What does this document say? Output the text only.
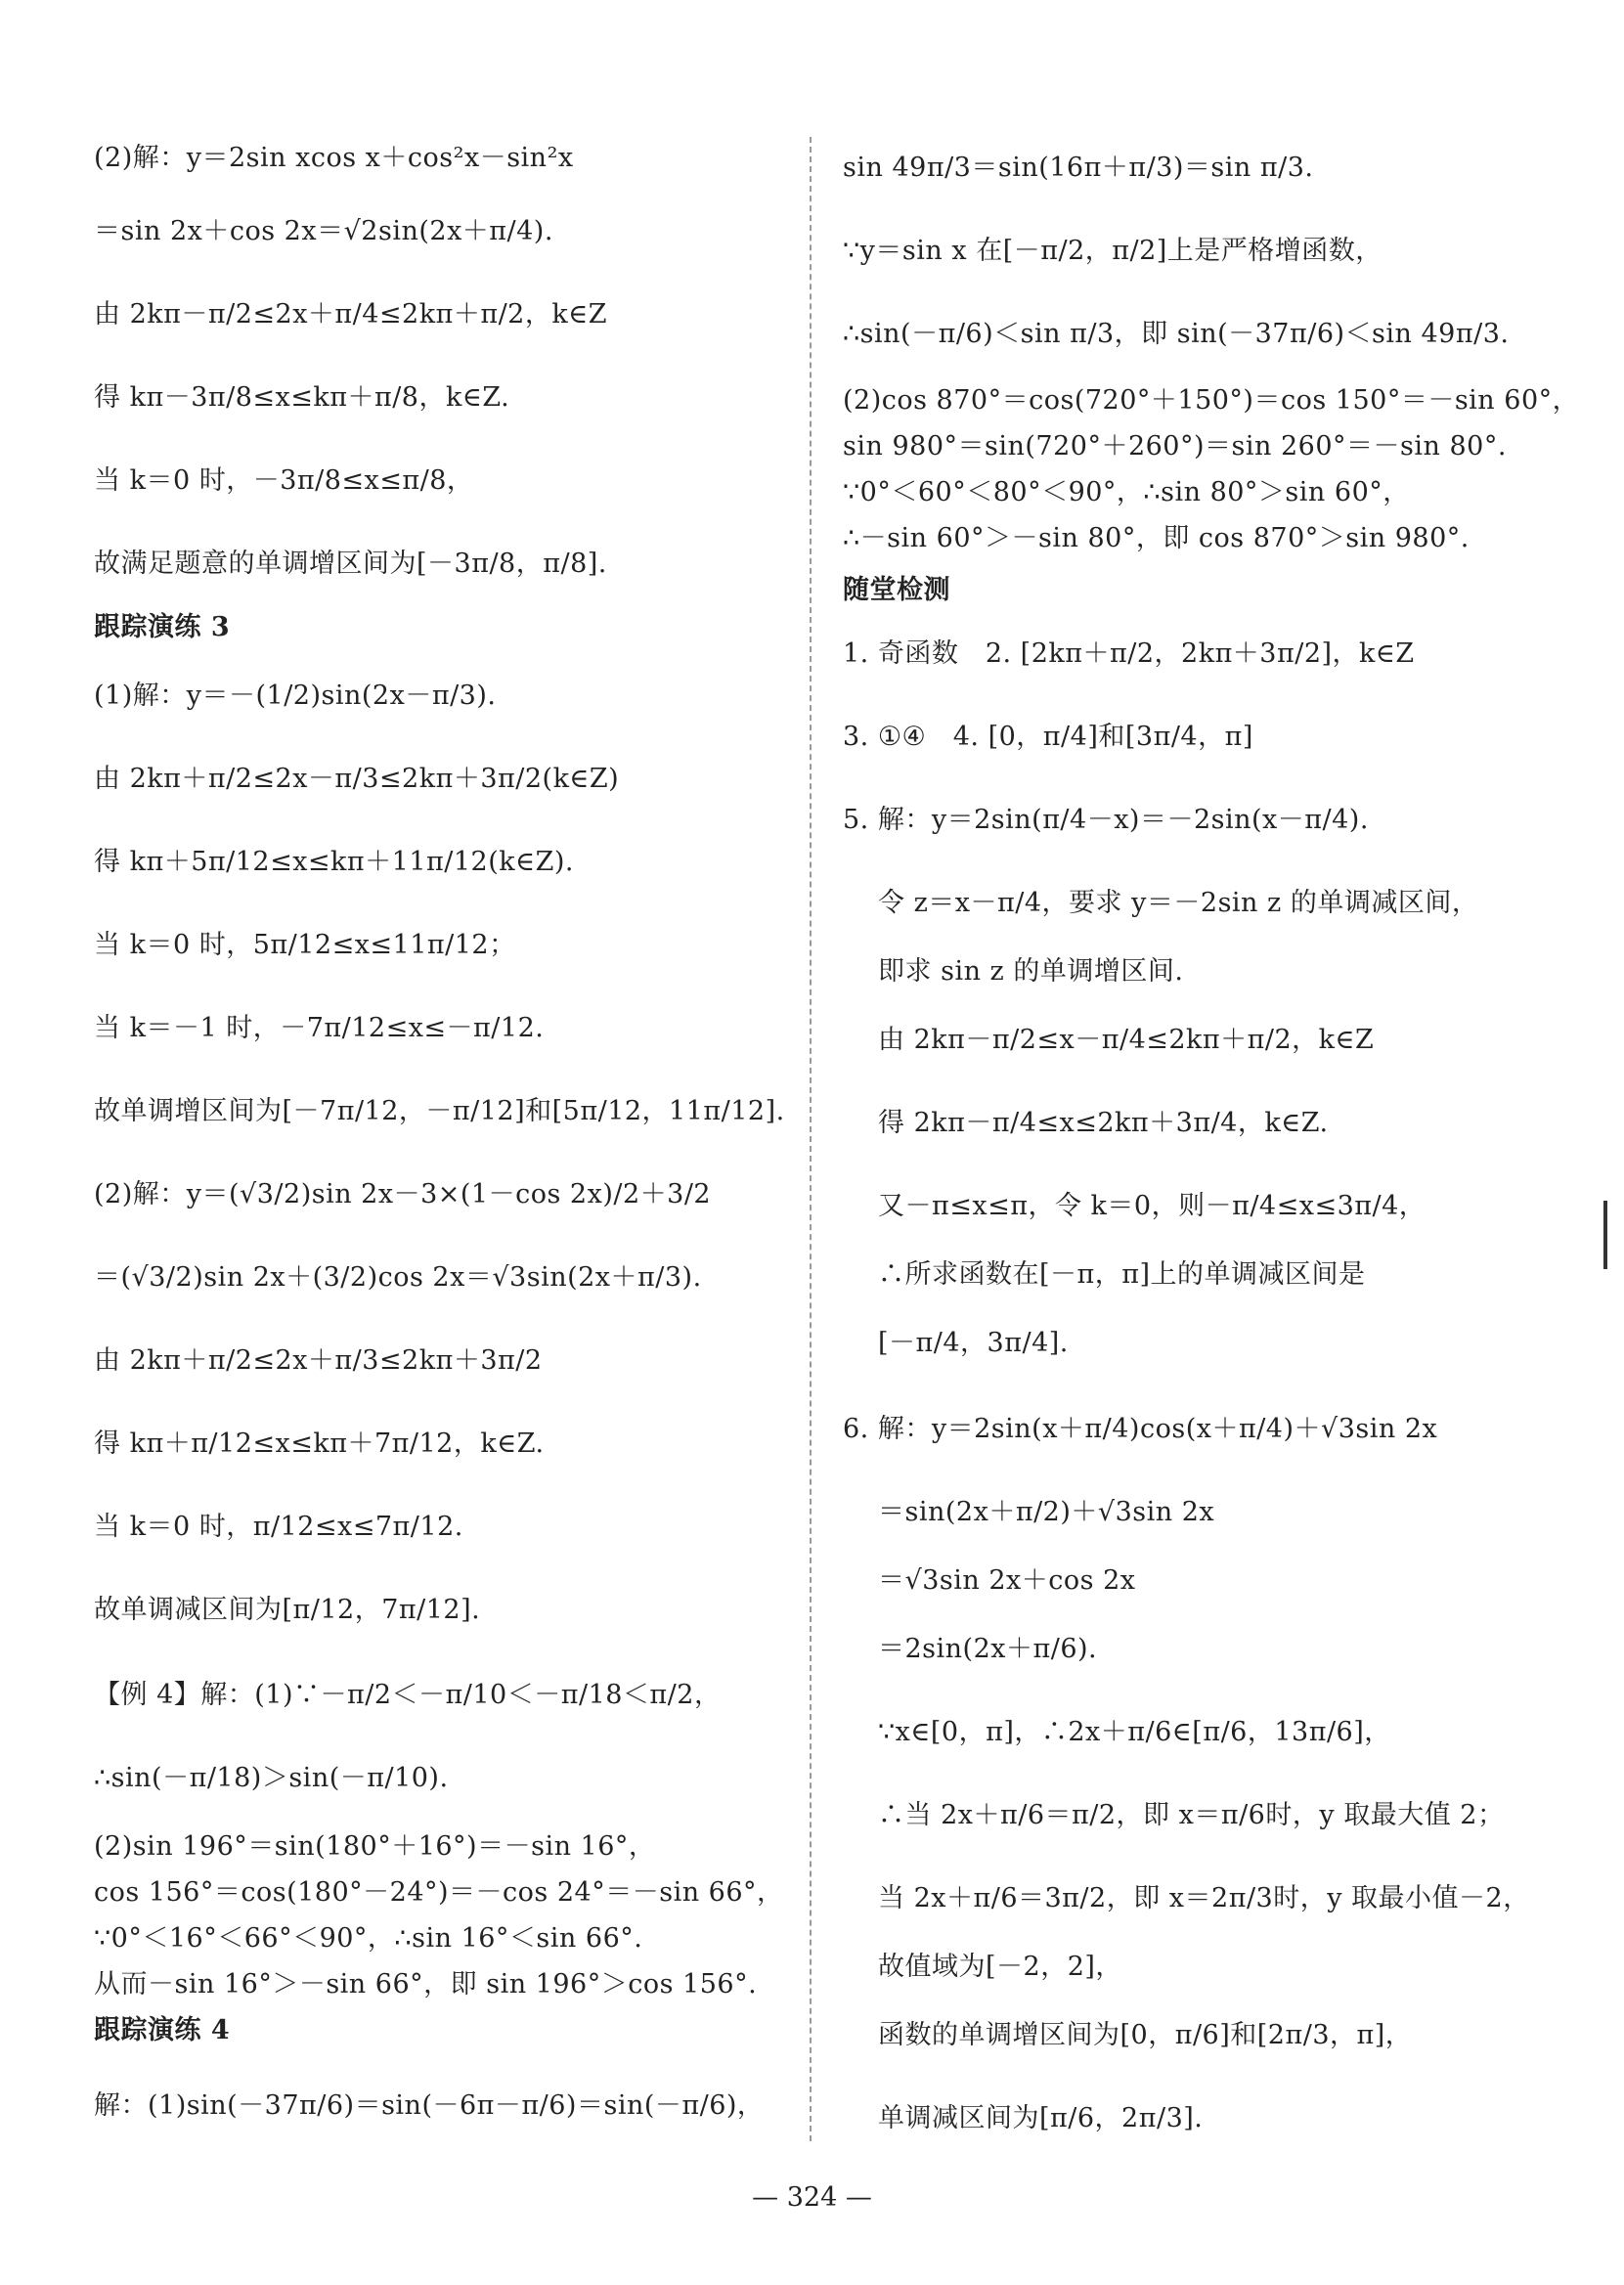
(2)解：y＝2sin xcos x＋cos²x－sin²x
＝sin 2x＋cos 2x＝√2sin(2x＋π/4).
由 2kπ－π/2≤2x＋π/4≤2kπ＋π/2，k∈Z
得 kπ－3π/8≤x≤kπ＋π/8，k∈Z.
当 k＝0 时，－3π/8≤x≤π/8，
故满足题意的单调增区间为[－3π/8，π/8].
跟踪演练 3
(1)解：y＝－(1/2)sin(2x－π/3).
由 2kπ＋π/2≤2x－π/3≤2kπ＋3π/2(k∈Z)
得 kπ＋5π/12≤x≤kπ＋11π/12(k∈Z).
当 k＝0 时，5π/12≤x≤11π/12；
当 k＝－1 时，－7π/12≤x≤－π/12.
故单调增区间为[－7π/12，－π/12]和[5π/12，11π/12].
(2)解：y＝(√3/2)sin 2x－3×(1－cos 2x)/2＋3/2
＝(√3/2)sin 2x＋(3/2)cos 2x＝√3sin(2x＋π/3).
由 2kπ＋π/2≤2x＋π/3≤2kπ＋3π/2
得 kπ＋π/12≤x≤kπ＋7π/12，k∈Z.
当 k＝0 时，π/12≤x≤7π/12.
故单调减区间为[π/12，7π/12].
【例 4】解：(1)∵－π/2＜－π/10＜－π/18＜π/2，
∴sin(－π/18)＞sin(－π/10).
(2)sin 196°＝sin(180°＋16°)＝－sin 16°，
cos 156°＝cos(180°－24°)＝－cos 24°＝－sin 66°，
∵0°＜16°＜66°＜90°，∴sin 16°＜sin 66°.
从而－sin 16°＞－sin 66°，即 sin 196°＞cos 156°.
跟踪演练 4
解：(1)sin(－37π/6)＝sin(－6π－π/6)＝sin(－π/6)，
sin 49π/3＝sin(16π＋π/3)＝sin π/3.
∵y＝sin x 在[－π/2，π/2]上是严格增函数，
∴sin(－π/6)＜sin π/3，即 sin(－37π/6)＜sin 49π/3.
(2)cos 870°＝cos(720°＋150°)＝cos 150°＝－sin 60°，
sin 980°＝sin(720°＋260°)＝sin 260°＝－sin 80°.
∵0°＜60°＜80°＜90°，∴sin 80°＞sin 60°，
∴－sin 60°＞－sin 80°，即 cos 870°＞sin 980°.
随堂检测
1. 奇函数　2. [2kπ＋π/2，2kπ＋3π/2]，k∈Z
3. ①④　4. [0，π/4]和[3π/4，π]
5. 解：y＝2sin(π/4－x)＝－2sin(x－π/4).
令 z＝x－π/4，要求 y＝－2sin z 的单调减区间，
即求 sin z 的单调增区间.
由 2kπ－π/2≤x－π/4≤2kπ＋π/2，k∈Z
得 2kπ－π/4≤x≤2kπ＋3π/4，k∈Z.
又－π≤x≤π，令 k＝0，则－π/4≤x≤3π/4，
∴所求函数在[－π，π]上的单调减区间是
[－π/4，3π/4].
6. 解：y＝2sin(x＋π/4)cos(x＋π/4)＋√3sin 2x
＝sin(2x＋π/2)＋√3sin 2x
＝√3sin 2x＋cos 2x
＝2sin(2x＋π/6).
∵x∈[0，π]，∴2x＋π/6∈[π/6，13π/6]，
∴当 2x＋π/6＝π/2，即 x＝π/6时，y 取最大值 2；
当 2x＋π/6＝3π/2，即 x＝2π/3时，y 取最小值－2，
故值域为[－2，2]，
函数的单调增区间为[0，π/6]和[2π/3，π]，
单调减区间为[π/6，2π/3].
— 324 —
